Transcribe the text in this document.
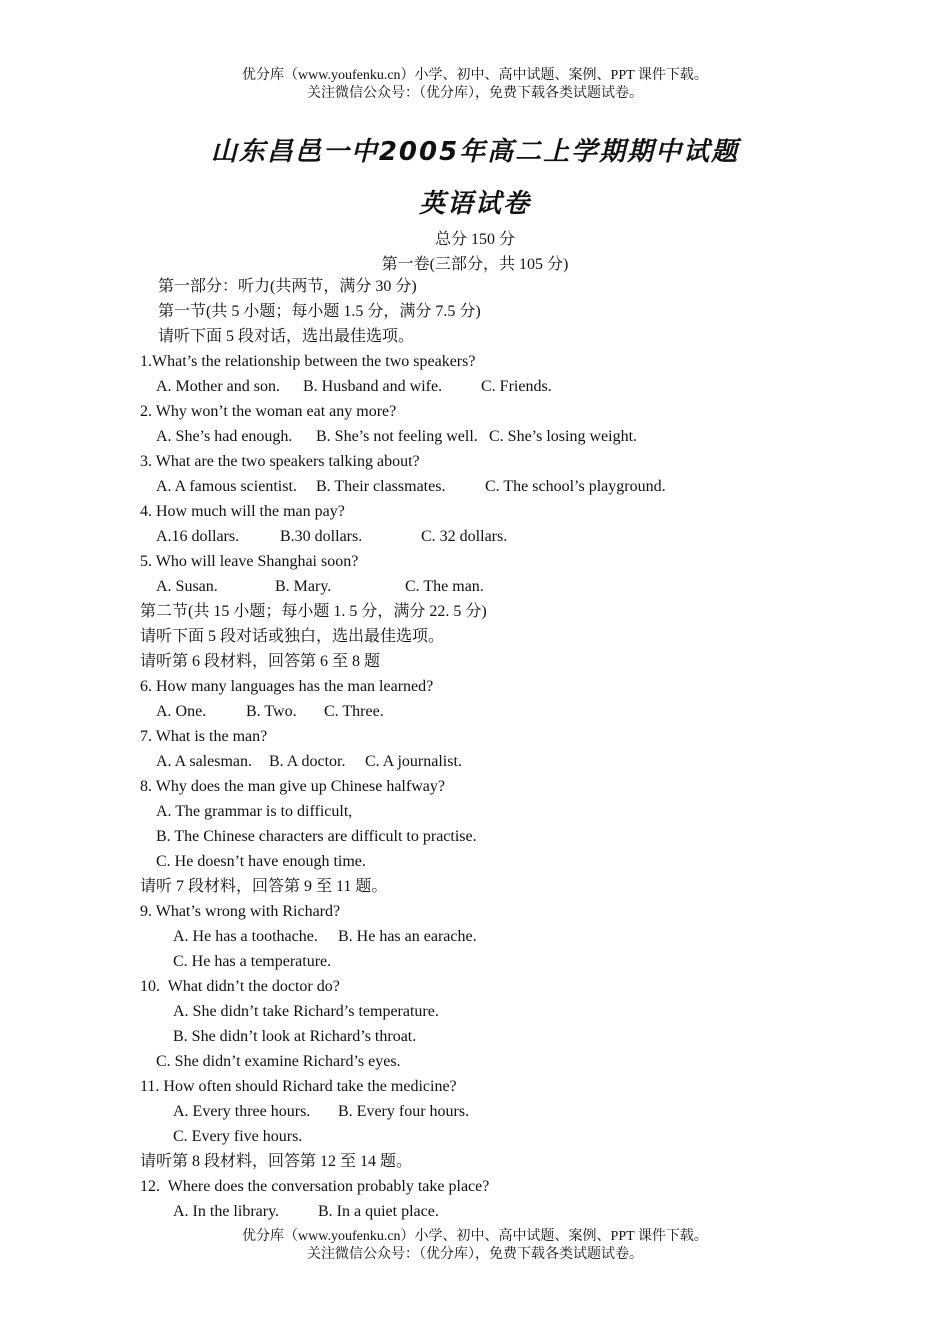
优分库（www.youfenku.cn）小学、初中、高中试题、案例、PPT 课件下载。
关注微信公众号：（优分库），免费下载各类试题试卷。
山东昌邑一中2005年高二上学期期中试题
英语试卷
总分 150 分
第一卷(三部分，共 105 分)
第一部分：听力(共两节，满分 30 分)
第一节(共 5 小题；每小题 1.5 分，满分 7.5 分)
请听下面 5 段对话，选出最佳选项。
1.What’s the relationship between the two speakers?
A. Mother and son. B. Husband and wife. C. Friends.
2. Why won’t the woman eat any more?
A. She’s had enough. B. She’s not feeling well. C. She’s losing weight.
3. What are the two speakers talking about?
A. A famous scientist. B. Their classmates. C. The school’s playground.
4. How much will the man pay?
A.16 dollars.	B.30 dollars.	C. 32 dollars.
5. Who will leave Shanghai soon?
A. Susan.	B. Mary.	C. The man.
第二节(共 15 小题；每小题 1. 5 分，满分 22. 5 分)
请听下面 5 段对话或独白，选出最佳选项。
请听第 6 段材料，回答第 6 至 8 题
6. How many languages has the man learned?
A. One. B. Two. C. Three.
7. What is the man?
A. A salesman. B. A doctor. C. A journalist.
8. Why does the man give up Chinese halfway?
A. The grammar is to difficult,
B. The Chinese characters are difficult to practise.
C. He doesn’t have enough time.
请听 7 段材料，回答第 9 至 11 题。
9. What’s wrong with Richard?
A. He has a toothache. B. He has an earache.
C. He has a temperature.
10.  What didn’t the doctor do?
A. She didn’t take Richard’s temperature.
B. She didn’t look at Richard’s throat.
C. She didn’t examine Richard’s eyes.
11. How often should Richard take the medicine?
A. Every three hours. B. Every four hours.
C. Every five hours.
请听第 8 段材料，回答第 12 至 14 题。
12.  Where does the conversation probably take place?
A. In the library. B. In a quiet place.
优分库（www.youfenku.cn）小学、初中、高中试题、案例、PPT 课件下载。
关注微信公众号：（优分库），免费下载各类试题试卷。
